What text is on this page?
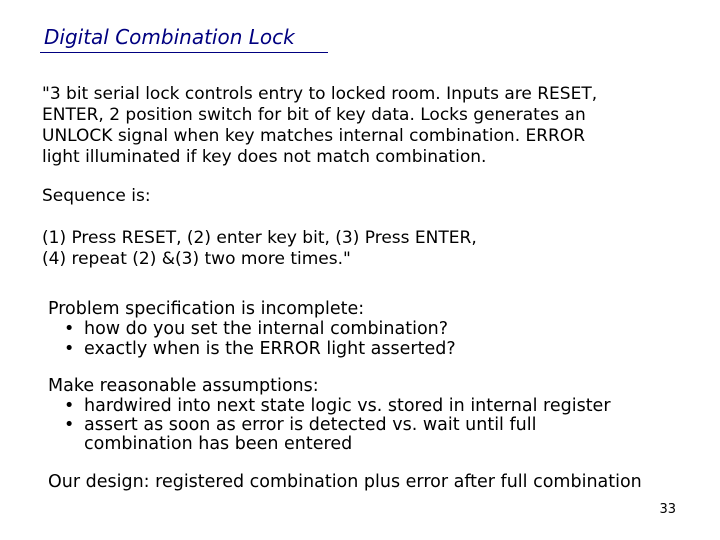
Digital Combination Lock

"3 bit serial lock controls entry to locked room. Inputs are RESET,

ENTER, 2 position switch for bit of key data. Locks generates an

UNLOCK signal when key matches internal combination. ERROR

light illuminated if key does not match combination.

Sequence is:

(1) Press RESET, (2) enter key bit, (3) Press ENTER,

(4) repeat (2) &(3) two more times."

Problem specification is incomplete:

• how do you set the internal combination?

• exactly when is the ERROR light asserted?

Make reasonable assumptions:

• hardwired into next state logic vs. stored in internal register

• assert as soon as error is detected vs. wait until full

combination has been entered

Our design: registered combination plus error after full combination

33
